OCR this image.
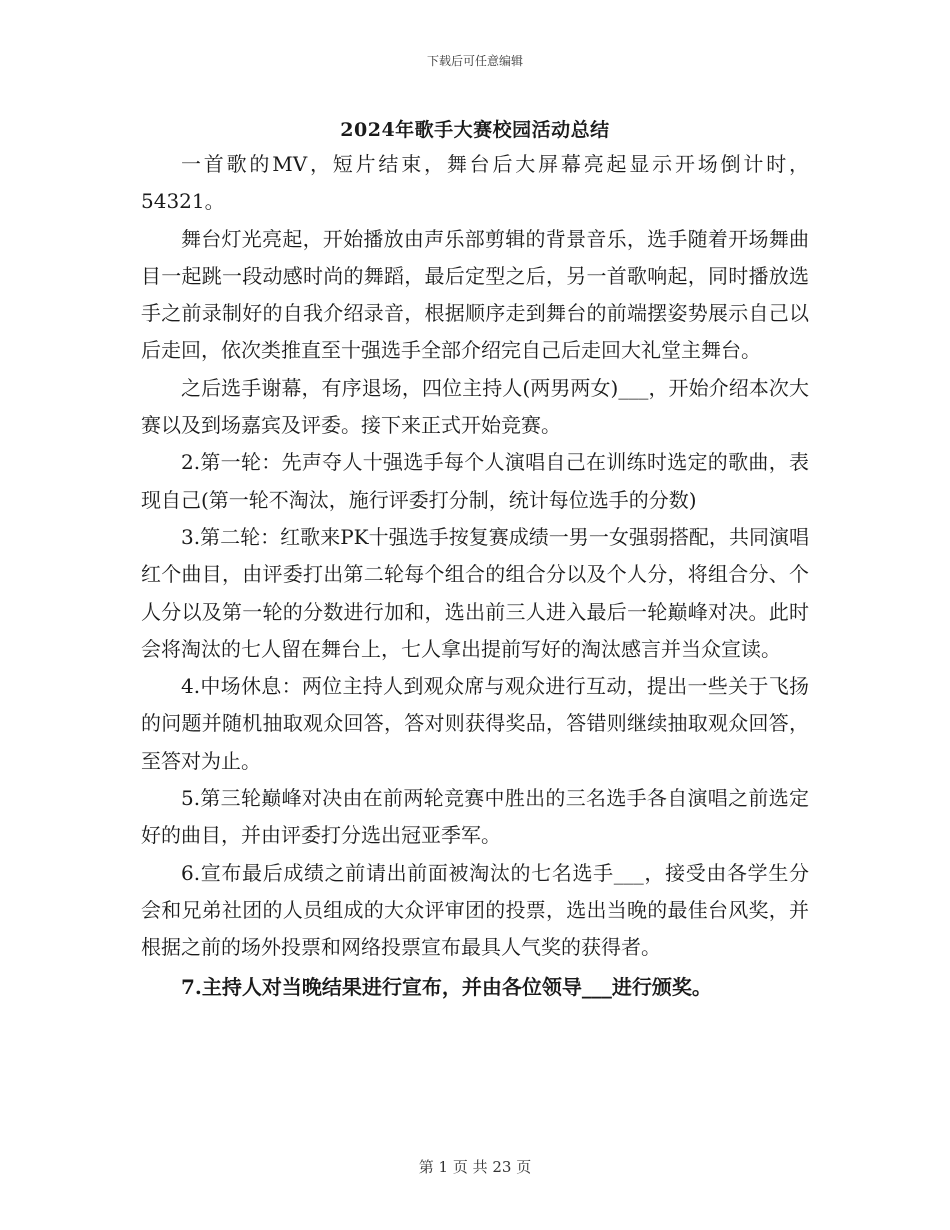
下载后可任意编辑
2024年歌手大赛校园活动总结

一首歌的MV，短片结束，舞台后大屏幕亮起显示开场倒计时，54321。

舞台灯光亮起，开始播放由声乐部剪辑的背景音乐，选手随着开场舞曲目一起跳一段动感时尚的舞蹈，最后定型之后，另一首歌响起，同时播放选手之前录制好的自我介绍录音，根据顺序走到舞台的前端摆姿势展示自己以后走回，依次类推直至十强选手全部介绍完自己后走回大礼堂主舞台。

之后选手谢幕，有序退场，四位主持人(两男两女)___，开始介绍本次大赛以及到场嘉宾及评委。接下来正式开始竞赛。

2.第一轮：先声夺人十强选手每个人演唱自己在训练时选定的歌曲，表现自己(第一轮不淘汰，施行评委打分制，统计每位选手的分数)

3.第二轮：红歌来PK十强选手按复赛成绩一男一女强弱搭配，共同演唱红个曲目，由评委打出第二轮每个组合的组合分以及个人分，将组合分、个人分以及第一轮的分数进行加和，选出前三人进入最后一轮巅峰对决。此时会将淘汰的七人留在舞台上，七人拿出提前写好的淘汰感言并当众宣读。

4.中场休息：两位主持人到观众席与观众进行互动，提出一些关于飞扬的问题并随机抽取观众回答，答对则获得奖品，答错则继续抽取观众回答，至答对为止。

5.第三轮巅峰对决由在前两轮竞赛中胜出的三名选手各自演唱之前选定好的曲目，并由评委打分选出冠亚季军。

6.宣布最后成绩之前请出前面被淘汰的七名选手___，接受由各学生分会和兄弟社团的人员组成的大众评审团的投票，选出当晚的最佳台风奖，并根据之前的场外投票和网络投票宣布最具人气奖的获得者。

7.主持人对当晚结果进行宣布，并由各位领导___进行颁奖。

第 1 页 共 23 页
